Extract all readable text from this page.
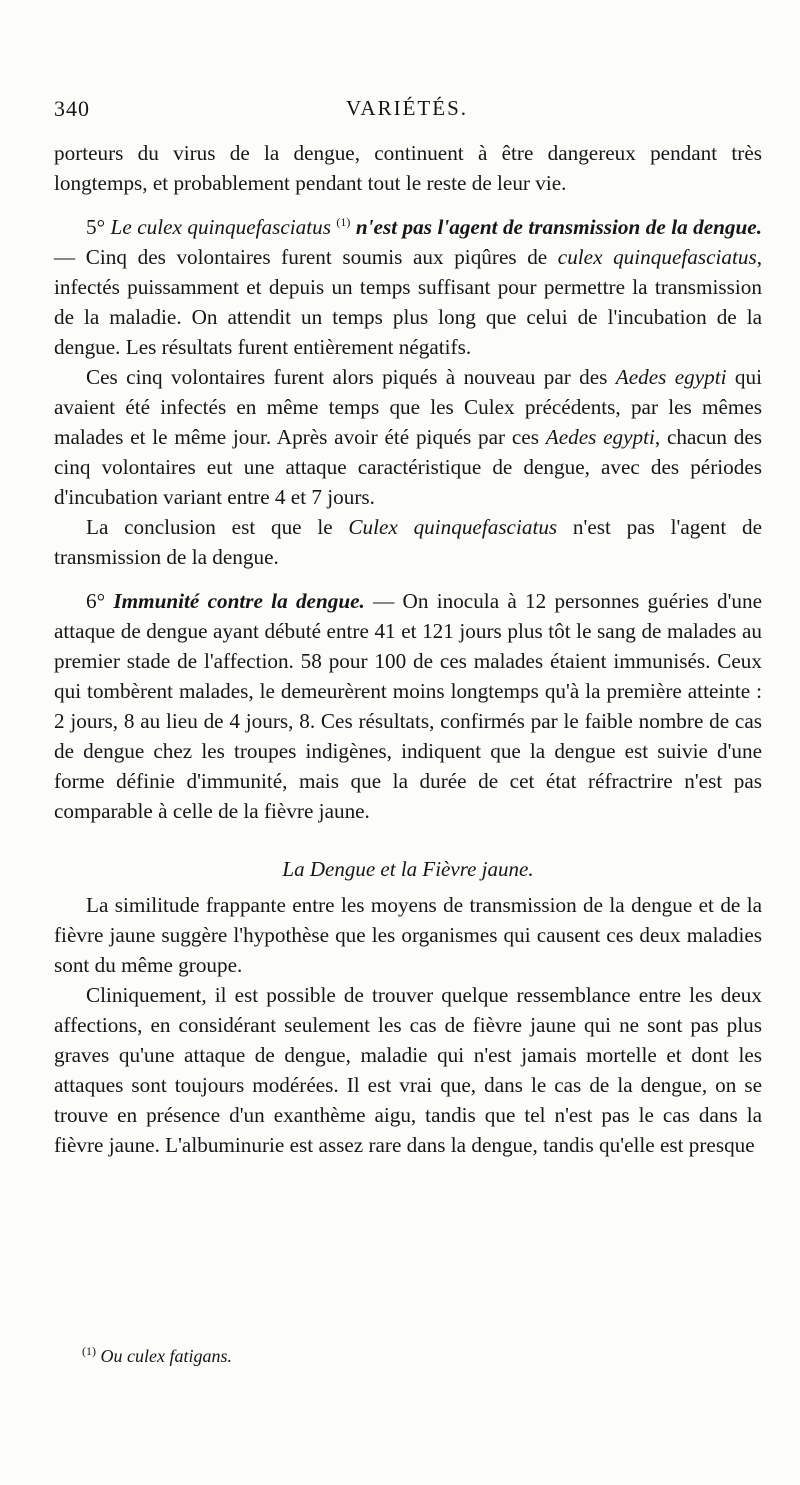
340	VARIÉTÉS.

porteurs du virus de la dengue, continuent à être dangereux pendant très longtemps, et probablement pendant tout le reste de leur vie.

5° Le culex quinquefasciatus $^{(1)}$ n'est pas l'agent de transmission de la dengue. — Cinq des volontaires furent soumis aux piqûres de culex quinquefasciatus, infectés puissamment et depuis un temps suffisant pour permettre la transmission de la maladie. On attendit un temps plus long que celui de l'incubation de la dengue. Les résultats furent entièrement négatifs.

Ces cinq volontaires furent alors piqués à nouveau par des Aedes egypti qui avaient été infectés en même temps que les Culex précédents, par les mêmes malades et le même jour. Après avoir été piqués par ces Aedes egypti, chacun des cinq volontaires eut une attaque caractéristique de dengue, avec des périodes d'incubation variant entre 4 et 7 jours.

La conclusion est que le Culex quinquefasciatus n'est pas l'agent de transmission de la dengue.

6° Immunité contre la dengue. — On inocula à 12 personnes guéries d'une attaque de dengue ayant débuté entre 41 et 121 jours plus tôt le sang de malades au premier stade de l'affection. 58 pour 100 de ces malades étaient immunisés. Ceux qui tombèrent malades, le demeurèrent moins longtemps qu'à la première atteinte : 2 jours, 8 au lieu de 4 jours, 8. Ces résultats, confirmés par le faible nombre de cas de dengue chez les troupes indigènes, indiquent que la dengue est suivie d'une forme définie d'immunité, mais que la durée de cet état réfractrire n'est pas comparable à celle de la fièvre jaune.

La Dengue et la Fièvre jaune.

La similitude frappante entre les moyens de transmission de la dengue et de la fièvre jaune suggère l'hypothèse que les organismes qui causent ces deux maladies sont du même groupe.

Cliniquement, il est possible de trouver quelque ressemblance entre les deux affections, en considérant seulement les cas de fièvre jaune qui ne sont pas plus graves qu'une attaque de dengue, maladie qui n'est jamais mortelle et dont les attaques sont toujours modérées. Il est vrai que, dans le cas de la dengue, on se trouve en présence d'un exanthème aigu, tandis que tel n'est pas le cas dans la fièvre jaune. L'albuminurie est assez rare dans la dengue, tandis qu'elle est presque

$^{(1)}$ Ou culex fatigans.
